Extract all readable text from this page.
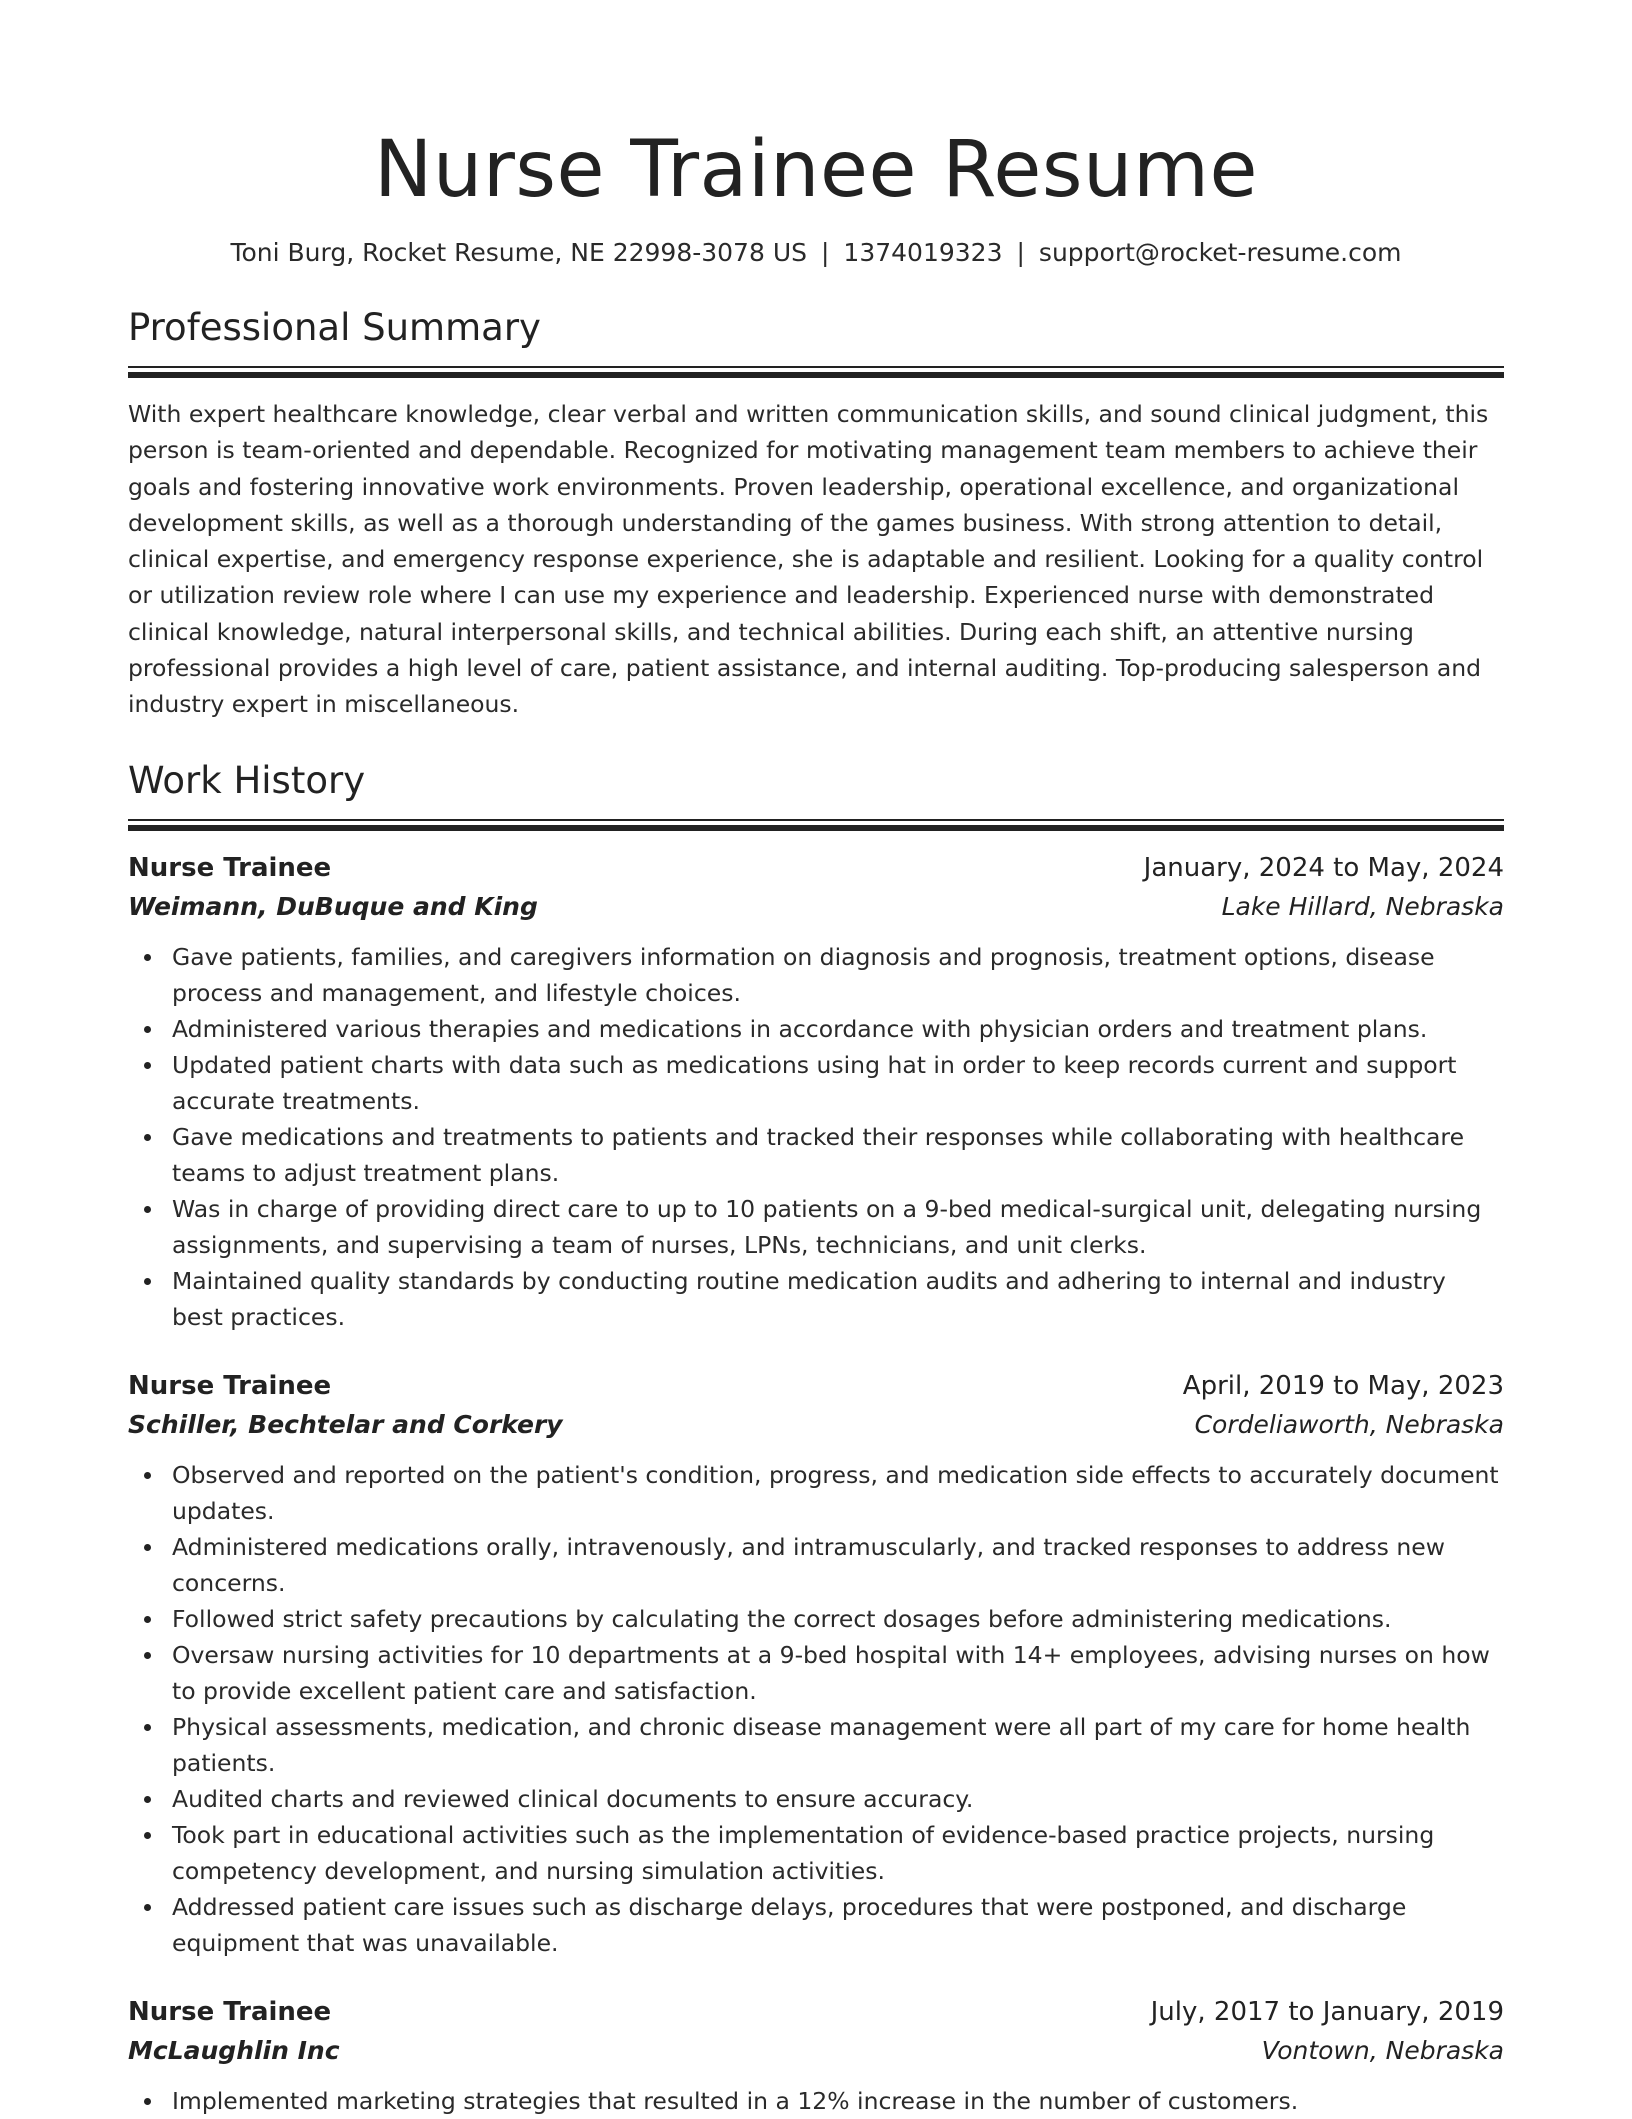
Nurse Trainee Resume
Toni Burg, Rocket Resume, NE 22998-3078 US | 1374019323 | support@rocket-resume.com
Professional Summary
With expert healthcare knowledge, clear verbal and written communication skills, and sound clinical judgment, this person is team-oriented and dependable. Recognized for motivating management team members to achieve their goals and fostering innovative work environments. Proven leadership, operational excellence, and organizational development skills, as well as a thorough understanding of the games business. With strong attention to detail, clinical expertise, and emergency response experience, she is adaptable and resilient. Looking for a quality control or utilization review role where I can use my experience and leadership. Experienced nurse with demonstrated clinical knowledge, natural interpersonal skills, and technical abilities. During each shift, an attentive nursing professional provides a high level of care, patient assistance, and internal auditing. Top-producing salesperson and industry expert in miscellaneous.
Work History
Nurse Trainee	January, 2024 to May, 2024
Weimann, DuBuque and King	Lake Hillard, Nebraska
Gave patients, families, and caregivers information on diagnosis and prognosis, treatment options, disease process and management, and lifestyle choices.
Administered various therapies and medications in accordance with physician orders and treatment plans.
Updated patient charts with data such as medications using hat in order to keep records current and support accurate treatments.
Gave medications and treatments to patients and tracked their responses while collaborating with healthcare teams to adjust treatment plans.
Was in charge of providing direct care to up to 10 patients on a 9-bed medical-surgical unit, delegating nursing assignments, and supervising a team of nurses, LPNs, technicians, and unit clerks.
Maintained quality standards by conducting routine medication audits and adhering to internal and industry best practices.
Nurse Trainee	April, 2019 to May, 2023
Schiller, Bechtelar and Corkery	Cordeliaworth, Nebraska
Observed and reported on the patient's condition, progress, and medication side effects to accurately document updates.
Administered medications orally, intravenously, and intramuscularly, and tracked responses to address new concerns.
Followed strict safety precautions by calculating the correct dosages before administering medications.
Oversaw nursing activities for 10 departments at a 9-bed hospital with 14+ employees, advising nurses on how to provide excellent patient care and satisfaction.
Physical assessments, medication, and chronic disease management were all part of my care for home health patients.
Audited charts and reviewed clinical documents to ensure accuracy.
Took part in educational activities such as the implementation of evidence-based practice projects, nursing competency development, and nursing simulation activities.
Addressed patient care issues such as discharge delays, procedures that were postponed, and discharge equipment that was unavailable.
Nurse Trainee	July, 2017 to January, 2019
McLaughlin Inc	Vontown, Nebraska
Implemented marketing strategies that resulted in a 12% increase in the number of customers.
